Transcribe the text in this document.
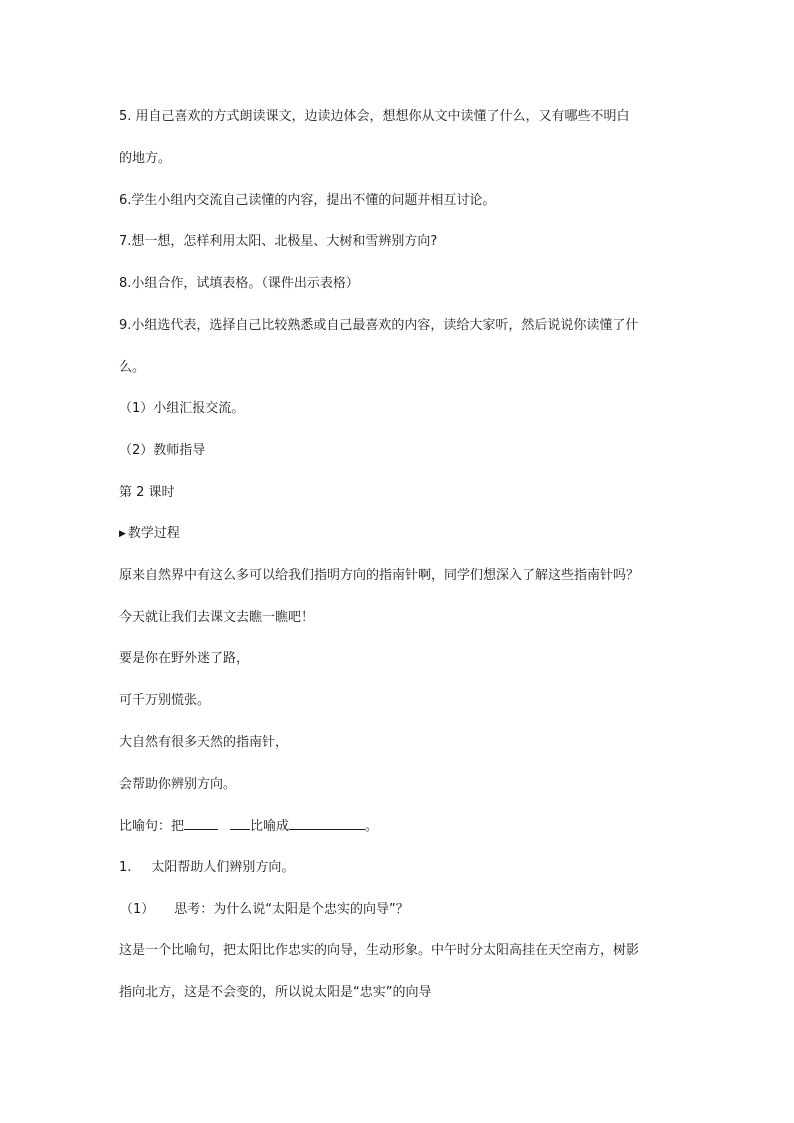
5. 用自己喜欢的方式朗读课文，边读边体会，想想你从文中读懂了什么，又有哪些不明白
的地方。
6.学生小组内交流自己读懂的内容，提出不懂的问题并相互讨论。
7.想一想，怎样利用太阳、北极星、大树和雪辨别方向?
8.小组合作，试填表格。（课件出示表格）
9.小组选代表，选择自己比较熟悉或自己最喜欢的内容，读给大家听，然后说说你读懂了什
么。
（1）小组汇报交流。
（2）教师指导
第 2 课时
▶ 教学过程
原来自然界中有这么多可以给我们指明方向的指南针啊，同学们想深入了解这些指南针吗？
今天就让我们去课文去瞧一瞧吧！
要是你在野外迷了路，
可千万别慌张。
大自然有很多天然的指南针，
会帮助你辨别方向。
比喻句：把	比喻成	。
1. 太阳帮助人们辨别方向。
（1） 思考：为什么说“太阳是个忠实的向导”？
这是一个比喻句，把太阳比作忠实的向导，生动形象。中午时分太阳高挂在天空南方，树影
指向北方，这是不会变的，所以说太阳是“忠实”的向导
